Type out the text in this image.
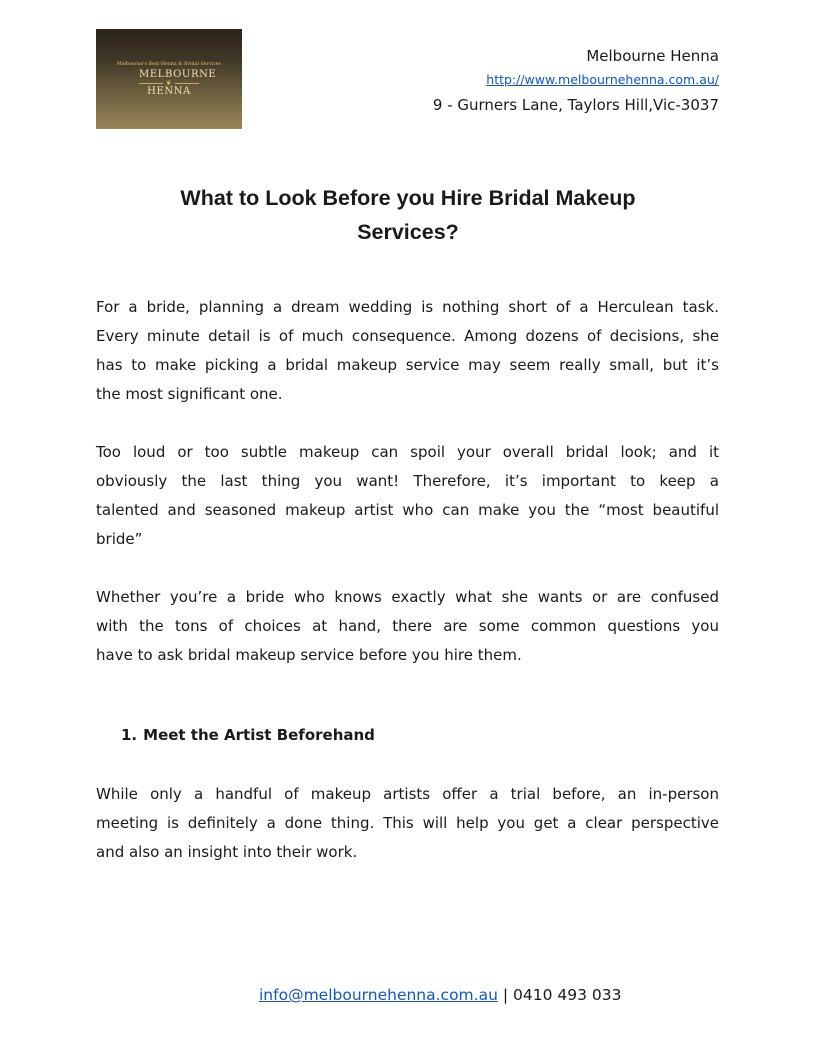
Melbourne's Best Henna & Bridal Services
MELBOURNE
❦
HENNA
Melbourne Henna
http://www.melbournehenna.com.au/
9 - Gurners Lane, Taylors Hill,Vic-3037
What to Look Before you Hire Bridal Makeup
Services?

For a bride, planning a dream wedding is nothing short of a Herculean task.
Every minute detail is of much consequence. Among dozens of decisions, she
has to make picking a bridal makeup service may seem really small, but it’s
the most significant one.

Too loud or too subtle makeup can spoil your overall bridal look; and it
obviously the last thing you want! Therefore, it’s important to keep a
talented and seasoned makeup artist who can make you the “most beautiful
bride”

Whether you’re a bride who knows exactly what she wants or are confused
with the tons of choices at hand, there are some common questions you
have to ask bridal makeup service before you hire them.

1. Meet the Artist Beforehand

While only a handful of makeup artists offer a trial before, an in-person
meeting is definitely a done thing. This will help you get a clear perspective
and also an insight into their work.

info@melbournehenna.com.au | 0410 493 033
